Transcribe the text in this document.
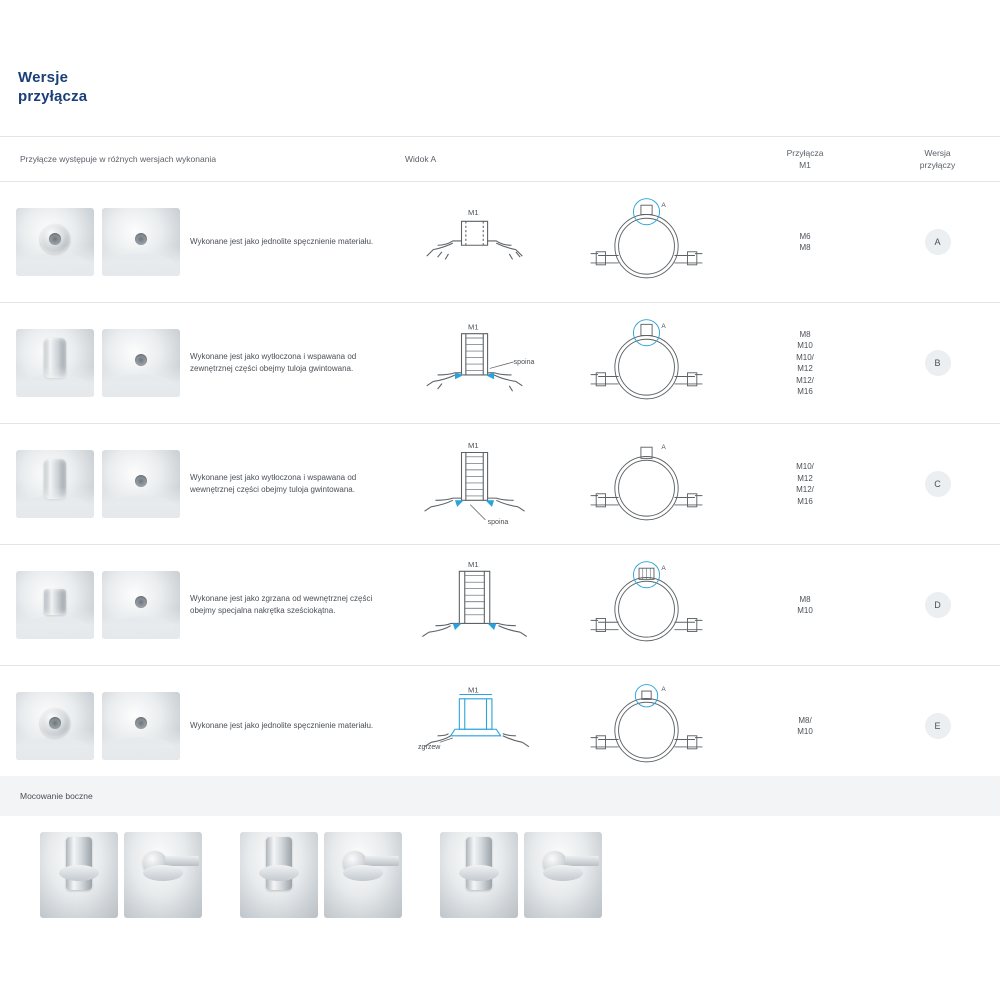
Wersje
przyłącza
Przyłącze występuje w różnych wersjach wykonania	Widok A
Przyłącza
M1
Wersja
przyłączy
Wykonane jest jako jednolite spęcznienie materiału.
M1
A
M6
M8
A
Wykonane jest jako wytłoczona i wspawana od zewnętrznej części obejmy tuloja gwintowana.
M1
spoina
A
M8
M10
M10/
M12
M12/
M16
B
Wykonane jest jako wytłoczona i wspawana od wewnętrznej części obejmy tuloja gwintowana.
M1
spoina
A
M10/
M12
M12/
M16
C
Wykonane jest jako zgrzana od wewnętrznej części obejmy specjalna nakrętka sześciokątna.
M1	A
M8
M10
D
Wykonane jest jako jednolite spęcznienie materiału.
M1
zgrzew
A
M8/
M10
E
Mocowanie boczne
